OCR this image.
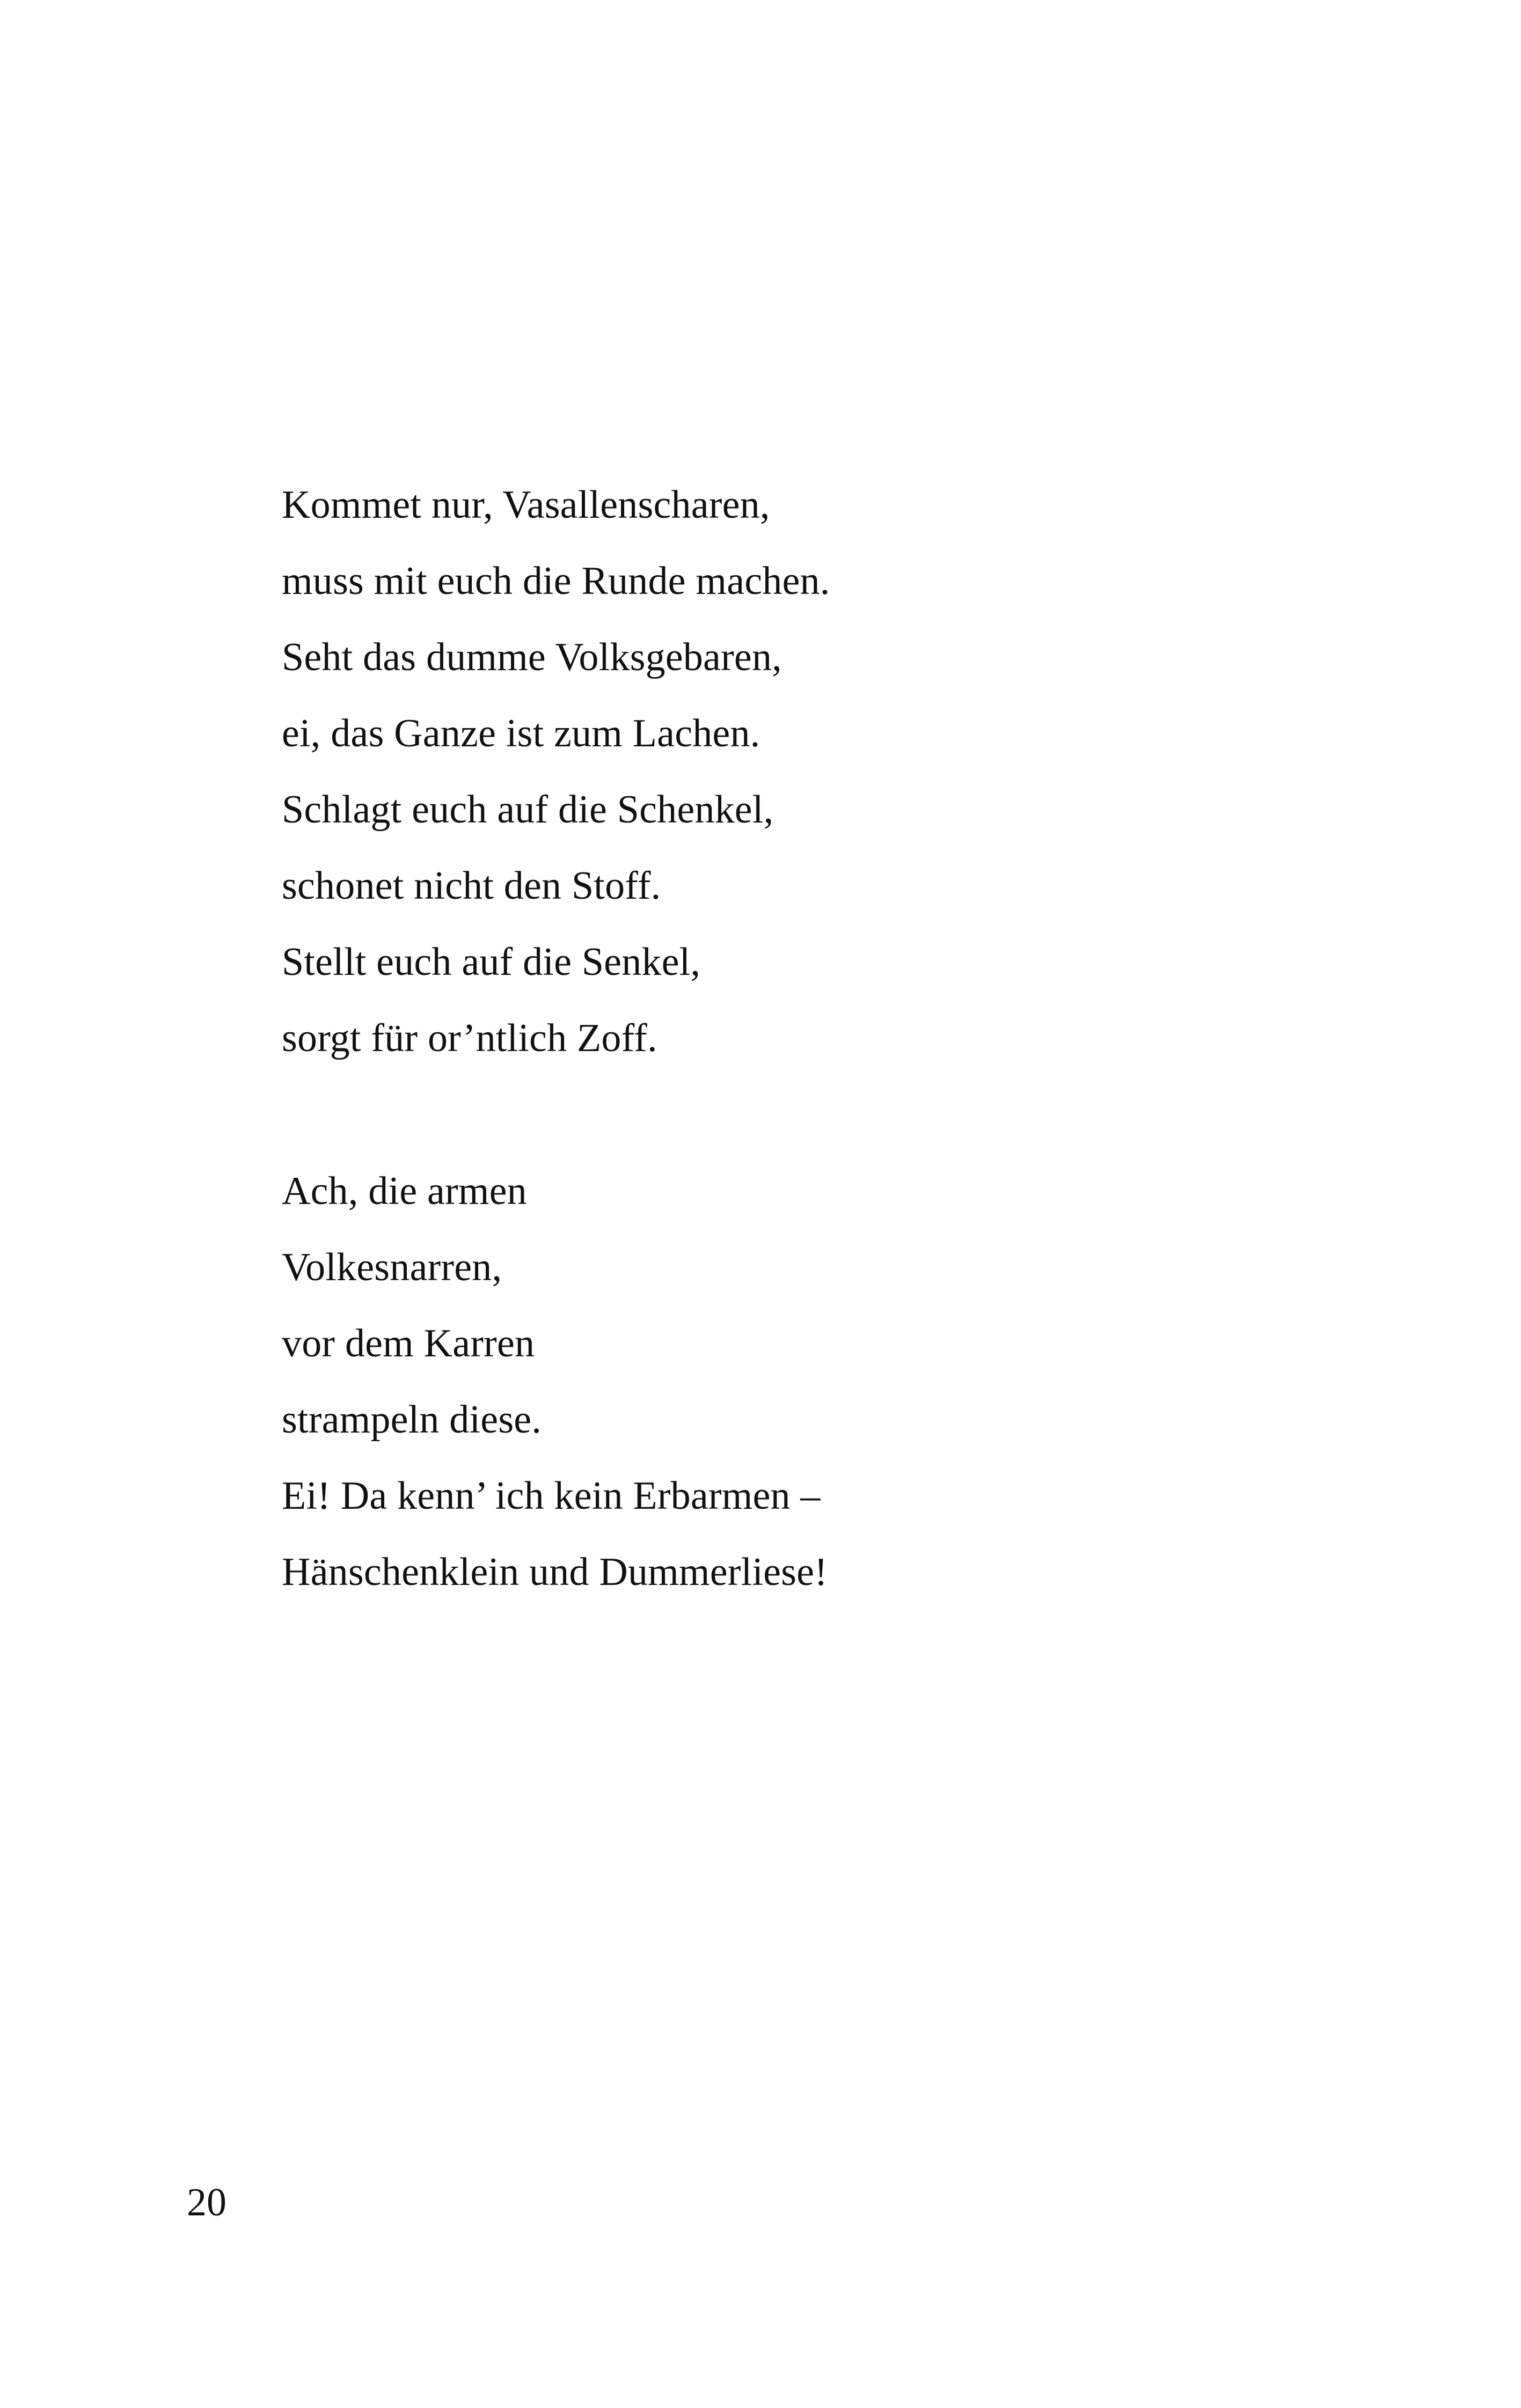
Kommet nur, Vasallenscharen,
muss mit euch die Runde machen.
Seht das dumme Volksgebaren,
ei, das Ganze ist zum Lachen.
Schlagt euch auf die Schenkel,
schonet nicht den Stoff.
Stellt euch auf die Senkel,
sorgt für or’ntlich Zoff.
Ach, die armen
Volkesnarren,
vor dem Karren
strampeln diese.
Ei! Da kenn’ ich kein Erbarmen –
Hänschenklein und Dummerliese!
20
